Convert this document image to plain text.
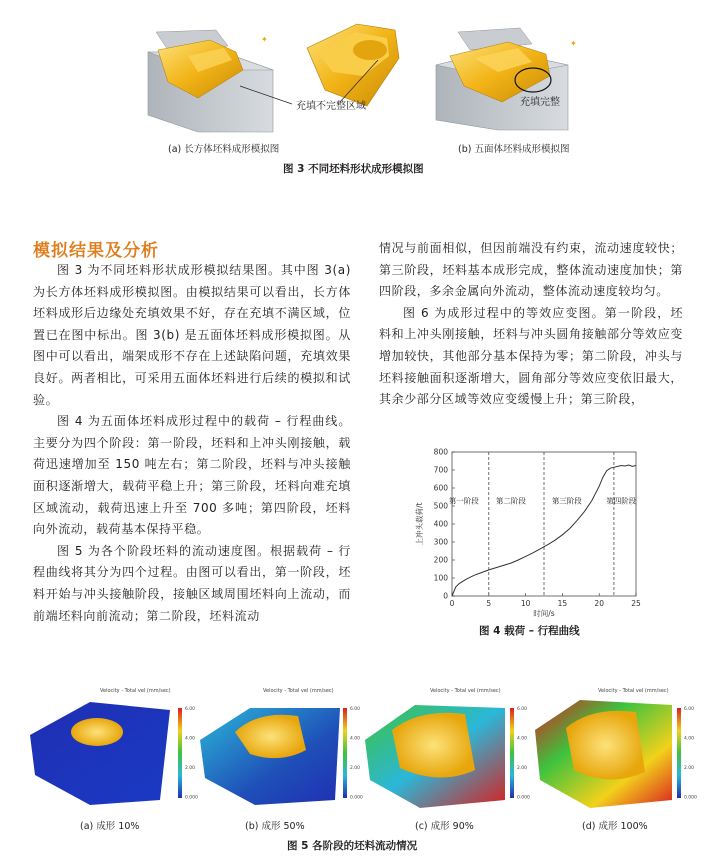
✦
充填不完整区域
✦
充填完整
(a) 长方体坯料成形模拟图	(b) 五面体坯料成形模拟图
图 3 不同坯料形状成形模拟图
模拟结果及分析

图 3 为不同坯料形状成形模拟结果图。其中图 3(a) 为长方体坯料成形模拟图。由模拟结果可以看出，长方体坯料成形后边缘处充填效果不好，存在充填不满区域，位置已在图中标出。图 3(b) 是五面体坯料成形模拟图。从图中可以看出，端架成形不存在上述缺陷问题，充填效果良好。两者相比，可采用五面体坯料进行后续的模拟和试验。

图 4 为五面体坯料成形过程中的载荷 – 行程曲线。主要分为四个阶段：第一阶段，坯料和上冲头刚接触，载荷迅速增加至 150 吨左右；第二阶段，坯料与冲头接触面积逐渐增大，载荷平稳上升；第三阶段，坯料向难充填区域流动，载荷迅速上升至 700 多吨；第四阶段，坯料向外流动，载荷基本保持平稳。

图 5 为各个阶段坯料的流动速度图。根据载荷 – 行程曲线将其分为四个过程。由图可以看出，第一阶段，坯料开始与冲头接触阶段，接触区域周围坯料向上流动，而前端坯料向前流动；第二阶段，坯料流动

情况与前面相似，但因前端没有约束，流动速度较快；第三阶段，坯料基本成形完成，整体流动速度加快；第四阶段，多余金属向外流动，整体流动速度较均匀。

图 6 为成形过程中的等效应变图。第一阶段，坯料和上冲头刚接触，坯料与冲头圆角接触部分等效应变增加较快，其他部分基本保持为零；第二阶段，冲头与坯料接触面积逐渐增大，圆角部分等效应变依旧最大，其余少部分区域等效应变缓慢上升；第三阶段，

0	5	10	15	20	25
0
100
200
300
400
500
600
700
800
第一阶段 第二阶段	第三阶段	第四阶段
时间/s
上冲头载荷/t
图 4 载荷 – 行程曲线
Velocity - Total vel (mm/sec)	Velocity - Total vel (mm/sec)	Velocity - Total vel (mm/sec)	Velocity - Total vel (mm/sec)
6.00
4.00
2.00
0.000
6.00
4.00
2.00
0.000
6.00
4.00
2.00
0.000
6.00
4.00
2.00
0.000
(a) 成形 10%	(b) 成形 50%	(c) 成形 90%	(d) 成形 100%
图 5 各阶段的坯料流动情况
